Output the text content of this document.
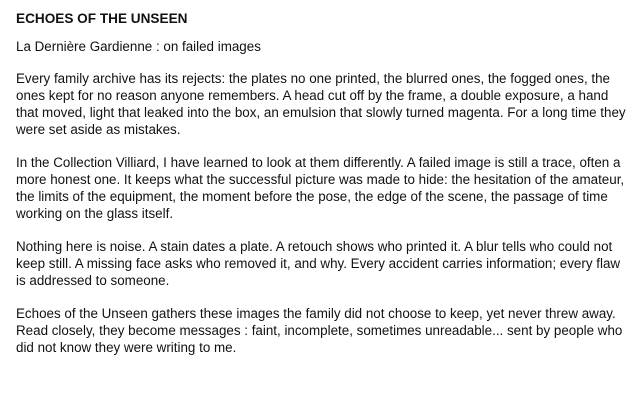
ECHOES OF THE UNSEEN
La Dernière Gardienne : on failed images

Every family archive has its rejects: the plates no one printed, the blurred ones, the fogged ones, the ones kept for no reason anyone remembers. A head cut off by the frame, a double exposure, a hand that moved, light that leaked into the box, an emulsion that slowly turned magenta. For a long time they were set aside as mistakes.

In the Collection Villiard, I have learned to look at them differently. A failed image is still a trace, often a more honest one. It keeps what the successful picture was made to hide: the hesitation of the amateur, the limits of the equipment, the moment before the pose, the edge of the scene, the passage of time working on the glass itself.

Nothing here is noise. A stain dates a plate. A retouch shows who printed it. A blur tells who could not keep still. A missing face asks who removed it, and why. Every accident carries information; every flaw is addressed to someone.

Echoes of the Unseen gathers these images the family did not choose to keep, yet never threw away. Read closely, they become messages : faint, incomplete, sometimes unreadable... sent by people who did not know they were writing to me.
